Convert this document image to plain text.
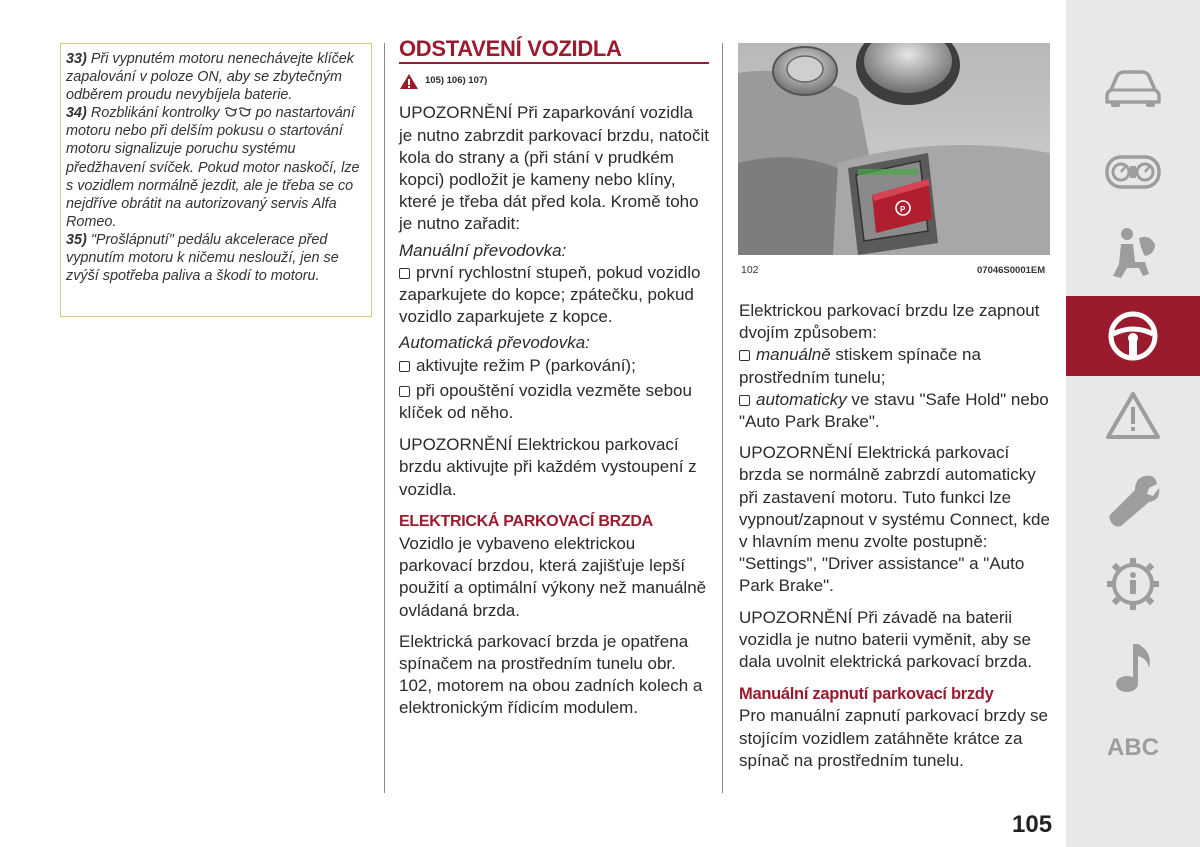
33) Při vypnutém motoru nenechávejte klíček zapalování v poloze ON, aby se zbytečným odběrem proudu nevybíjela baterie.

34) Rozblikání kontrolky	po nastartování motoru nebo při delším pokusu o startování motoru signalizuje poruchu systému předžhavení svíček. Pokud motor naskočí, lze s vozidlem normálně jezdit, ale je třeba se co nejdříve obrátit na autorizovaný servis Alfa Romeo.

35) "Prošlápnutí" pedálu akcelerace před vypnutím motoru k ničemu neslouží, jen se zvýší spotřeba paliva a škodí to motoru.

ODSTAVENÍ VOZIDLA
105) 106) 107)

UPOZORNĚNÍ Při zaparkování vozidla je nutno zabrzdit parkovací brzdu, natočit kola do strany a (při stání v prudkém kopci) podložit je kameny nebo klíny, které je třeba dát před kola. Kromě toho je nutno zařadit:

Manuální převodovka:

první rychlostní stupeň, pokud vozidlo zaparkujete do kopce; zpátečku, pokud vozidlo zaparkujete z kopce.

Automatická převodovka:

aktivujte režim P (parkování);

při opouštění vozidla vezměte sebou klíček od něho.

UPOZORNĚNÍ Elektrickou parkovací brzdu aktivujte při každém vystoupení z vozidla.

ELEKTRICKÁ PARKOVACÍ BRZDA

Vozidlo je vybaveno elektrickou parkovací brzdou, která zajišťuje lepší použití a optimální výkony než manuálně ovládaná brzda.

Elektrická parkovací brzda je opatřena spínačem na prostředním tunelu obr. 102, motorem na obou zadních kolech a elektronickým řídicím modulem.

P
102	07046S0001EM

Elektrickou parkovací brzdu lze zapnout dvojím způsobem:

manuálně stiskem spínače na prostředním tunelu;

automaticky ve stavu "Safe Hold" nebo "Auto Park Brake".

UPOZORNĚNÍ Elektrická parkovací brzda se normálně zabrzdí automaticky při zastavení motoru. Tuto funkci lze vypnout/zapnout v systému Connect, kde v hlavním menu zvolte postupně: "Settings", "Driver assistance" a "Auto Park Brake".

UPOZORNĚNÍ Při závadě na baterii vozidla je nutno baterii vyměnit, aby se dala uvolnit elektrická parkovací brzda.

Manuální zapnutí parkovací brzdy

Pro manuální zapnutí parkovací brzdy se stojícím vozidlem zatáhněte krátce za spínač na prostředním tunelu.	ABC
105
